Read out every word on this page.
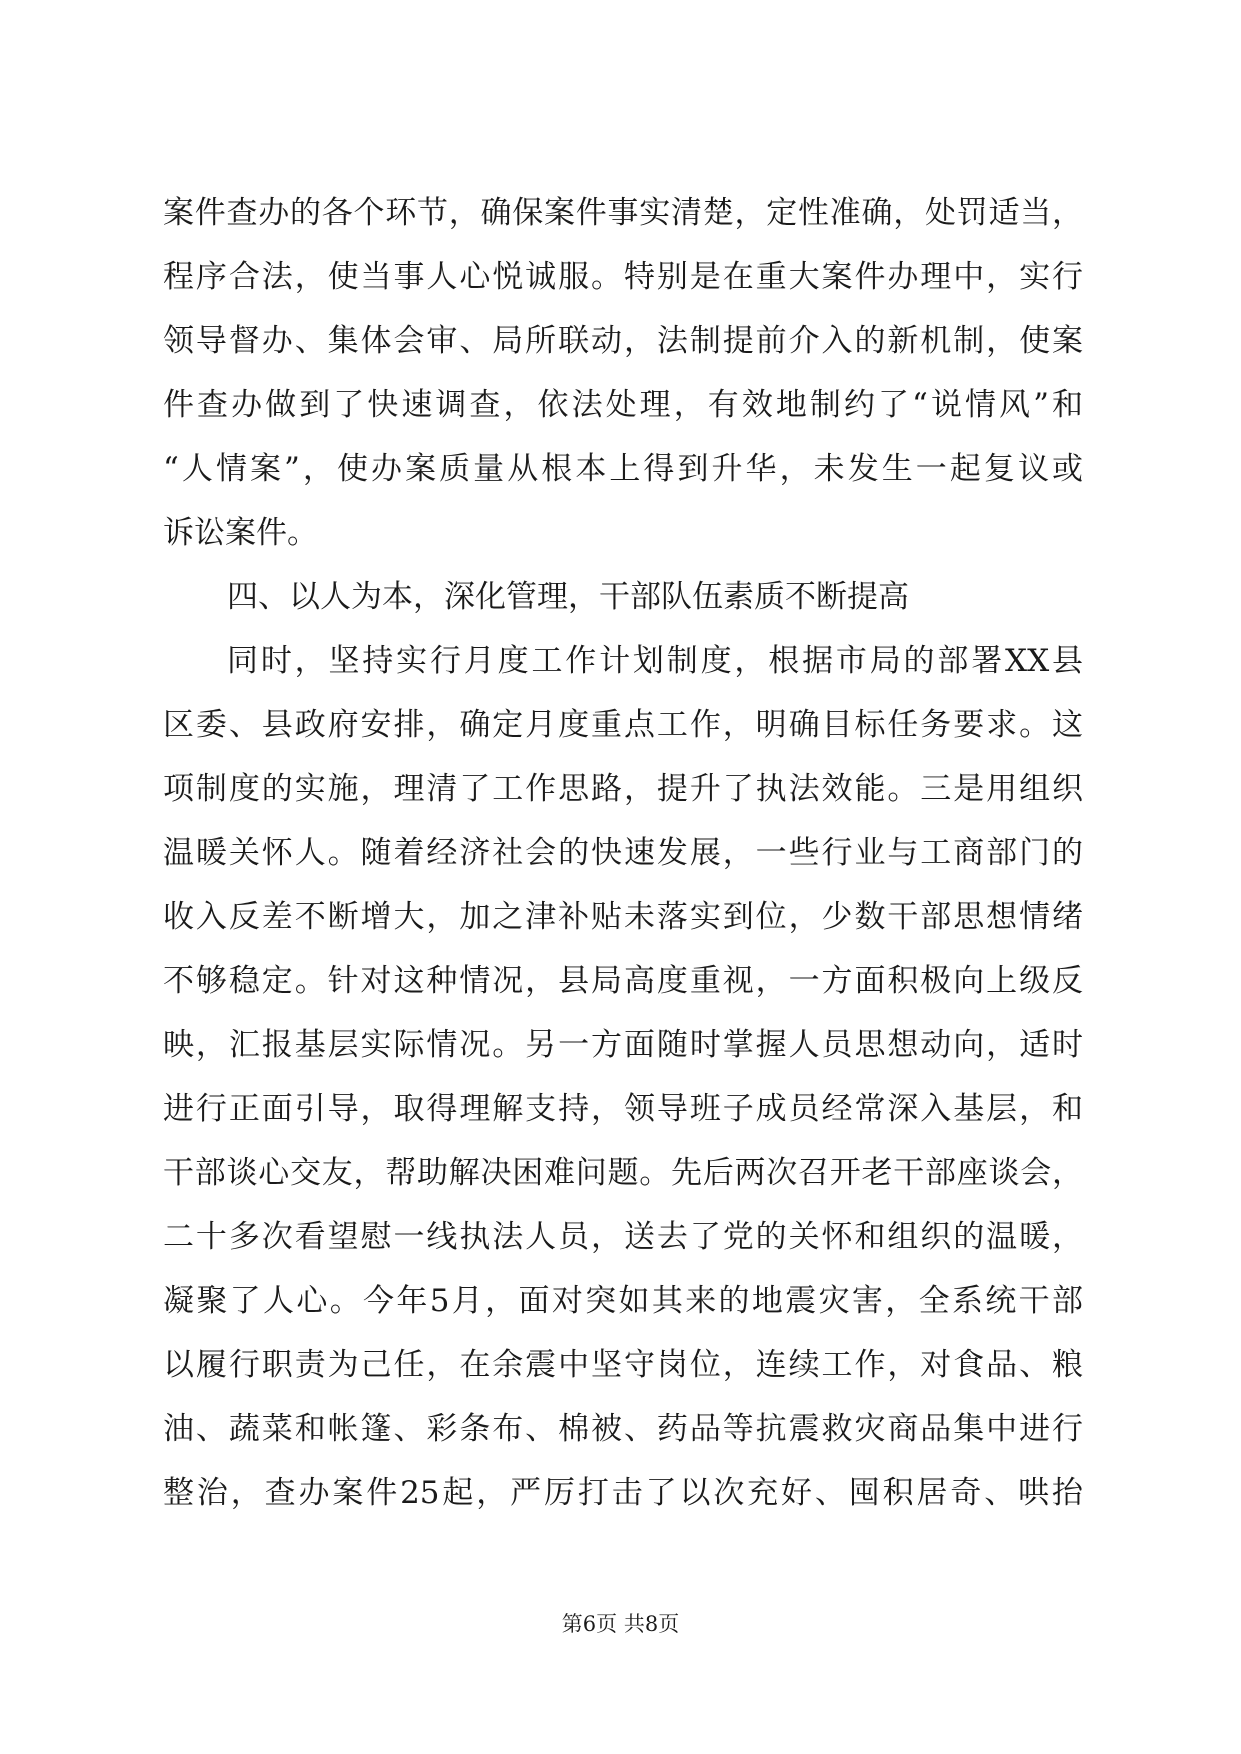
案件查办的各个环节，确保案件事实清楚，定性准确，处罚适当，
程序合法，使当事人心悦诚服。特别是在重大案件办理中，实行
领导督办、集体会审、局所联动，法制提前介入的新机制，使案
件查办做到了快速调查，依法处理，有效地制约了“说情风”和
“人情案”，使办案质量从根本上得到升华，未发生一起复议或
诉讼案件。
四、以人为本，深化管理，干部队伍素质不断提高
同时，坚持实行月度工作计划制度，根据市局的部署XX县
区委、县政府安排，确定月度重点工作，明确目标任务要求。这
项制度的实施，理清了工作思路，提升了执法效能。三是用组织
温暖关怀人。随着经济社会的快速发展，一些行业与工商部门的
收入反差不断增大，加之津补贴未落实到位，少数干部思想情绪
不够稳定。针对这种情况，县局高度重视，一方面积极向上级反
映，汇报基层实际情况。另一方面随时掌握人员思想动向，适时
进行正面引导，取得理解支持，领导班子成员经常深入基层，和
干部谈心交友，帮助解决困难问题。先后两次召开老干部座谈会，
二十多次看望慰一线执法人员，送去了党的关怀和组织的温暖，
凝聚了人心。今年5月，面对突如其来的地震灾害，全系统干部
以履行职责为己任，在余震中坚守岗位，连续工作，对食品、粮
油、蔬菜和帐篷、彩条布、棉被、药品等抗震救灾商品集中进行
整治，查办案件25起，严厉打击了以次充好、囤积居奇、哄抬
第6页 共8页
